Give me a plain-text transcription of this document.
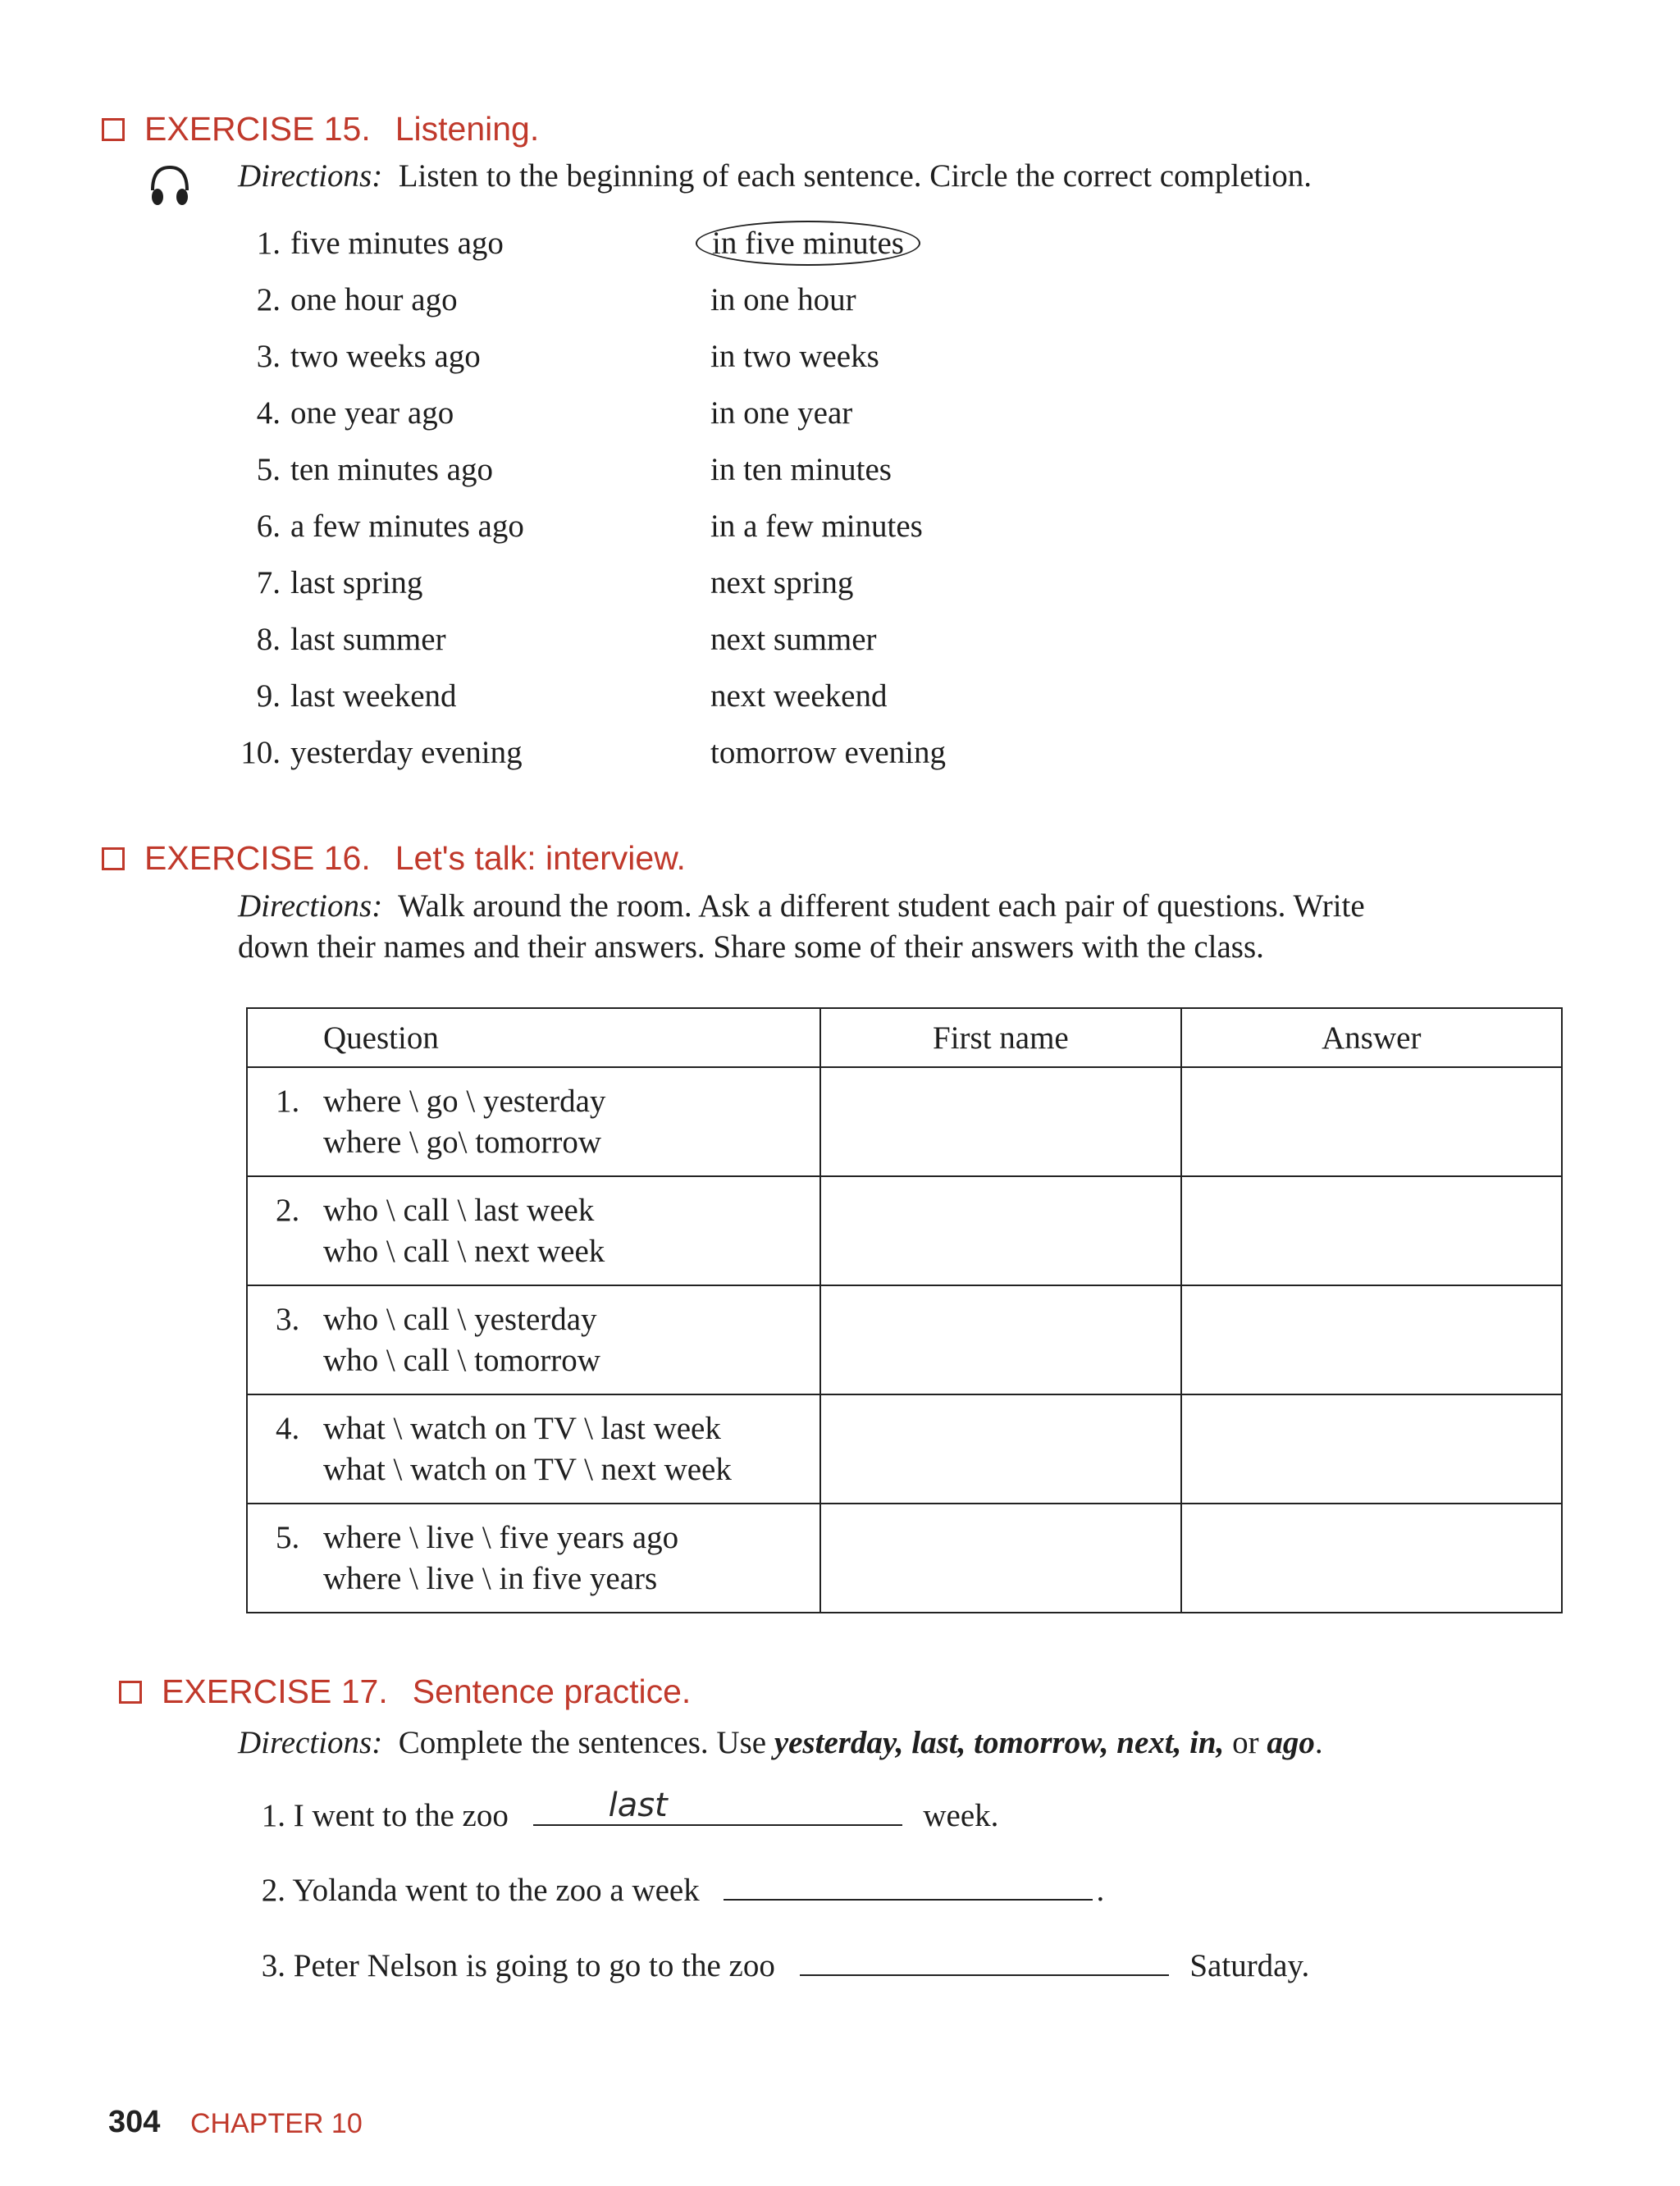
EXERCISE 15. Listening.
Directions: Listen to the beginning of each sentence. Circle the correct completion.
1. five minutes ago	in five minutes
2. one hour ago	in one hour
3. two weeks ago	in two weeks
4. one year ago	in one year
5. ten minutes ago	in ten minutes
6. a few minutes ago	in a few minutes
7. last spring	next spring
8. last summer	next summer
9. last weekend	next weekend
10. yesterday evening	tomorrow evening
EXERCISE 16. Let's talk: interview.
Directions: Walk around the room. Ask a different student each pair of questions. Write
down their names and their answers. Share some of their answers with the class.
Question	First name	Answer

1. where \ go \ yesterday
where \ go\ tomorrow		

2. who \ call \ last week
who \ call \ next week		

3. who \ call \ yesterday
who \ call \ tomorrow		

4. what \ watch on TV \ last week
what \ watch on TV \ next week		

5. where \ live \ five years ago
where \ live \ in five years		

EXERCISE 17. Sentence practice.
Directions: Complete the sentences. Use yesterday, last, tomorrow, next, in, or ago.
1. I went to the zoo	last	week.
2. Yolanda went to the zoo a week	.
3. Peter Nelson is going to go to the zoo	Saturday.
304 CHAPTER 10
